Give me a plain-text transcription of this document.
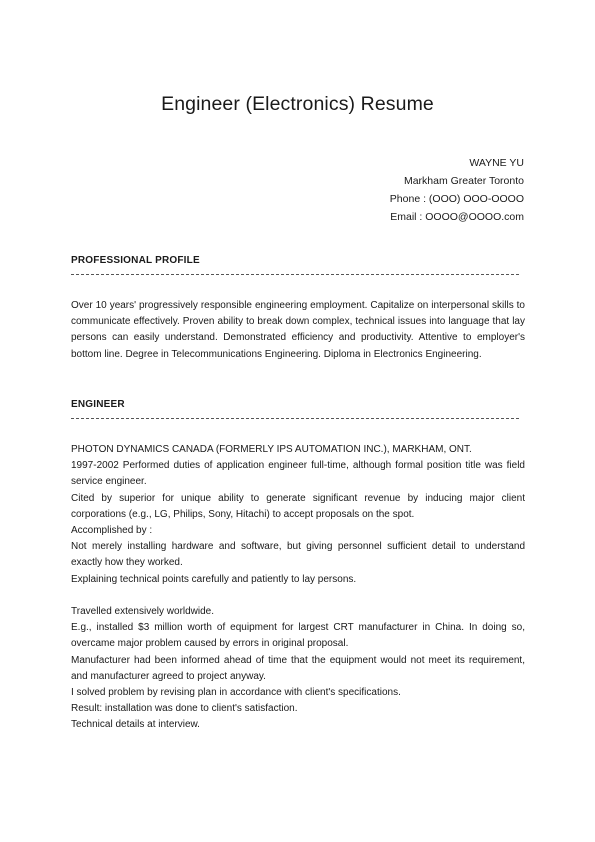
Engineer (Electronics) Resume
WAYNE YU
Markham Greater Toronto
Phone : (OOO) OOO-OOOO
Email : OOOO@OOOO.com
PROFESSIONAL PROFILE
Over 10 years' progressively responsible engineering employment. Capitalize on interpersonal skills to communicate effectively. Proven ability to break down complex, technical issues into language that lay persons can easily understand. Demonstrated efficiency and productivity. Attentive to employer's bottom line. Degree in Telecommunications Engineering. Diploma in Electronics Engineering.
ENGINEER
PHOTON DYNAMICS CANADA (FORMERLY IPS AUTOMATION INC.), MARKHAM, ONT.
1997-2002 Performed duties of application engineer full-time, although formal position title was field service engineer.
Cited by superior for unique ability to generate significant revenue by inducing major client corporations (e.g., LG, Philips, Sony, Hitachi) to accept proposals on the spot.
Accomplished by :
Not merely installing hardware and software, but giving personnel sufficient detail to understand exactly how they worked.
Explaining technical points carefully and patiently to lay persons.
Travelled extensively worldwide.
E.g., installed $3 million worth of equipment for largest CRT manufacturer in China. In doing so, overcame major problem caused by errors in original proposal.
Manufacturer had been informed ahead of time that the equipment would not meet its requirement, and manufacturer agreed to project anyway.
I solved problem by revising plan in accordance with client's specifications.
Result: installation was done to client's satisfaction.
Technical details at interview.
